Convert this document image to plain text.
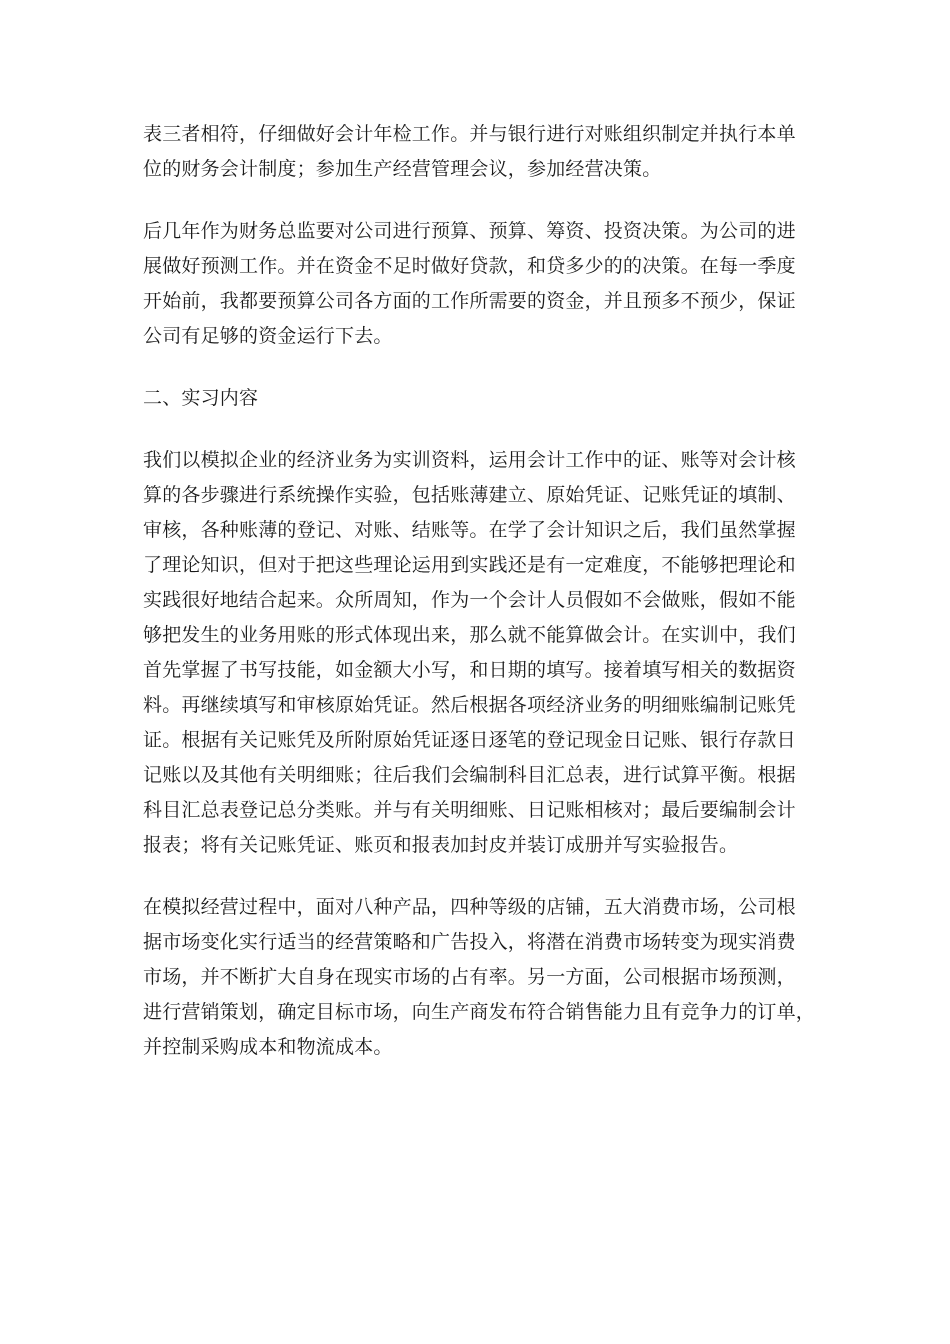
表三者相符，仔细做好会计年检工作。并与银行进行对账组织制定并执行本单
位的财务会计制度；参加生产经营管理会议，参加经营决策。
后几年作为财务总监要对公司进行预算、预算、筹资、投资决策。为公司的进
展做好预测工作。并在资金不足时做好贷款，和贷多少的的决策。在每一季度
开始前，我都要预算公司各方面的工作所需要的资金，并且预多不预少，保证
公司有足够的资金运行下去。
二、实习内容
我们以模拟企业的经济业务为实训资料，运用会计工作中的证、账等对会计核
算的各步骤进行系统操作实验，包括账薄建立、原始凭证、记账凭证的填制、
审核，各种账薄的登记、对账、结账等。在学了会计知识之后，我们虽然掌握
了理论知识，但对于把这些理论运用到实践还是有一定难度，不能够把理论和
实践很好地结合起来。众所周知，作为一个会计人员假如不会做账，假如不能
够把发生的业务用账的形式体现出来，那么就不能算做会计。在实训中，我们
首先掌握了书写技能，如金额大小写，和日期的填写。接着填写相关的数据资
料。再继续填写和审核原始凭证。然后根据各项经济业务的明细账编制记账凭
证。根据有关记账凭及所附原始凭证逐日逐笔的登记现金日记账、银行存款日
记账以及其他有关明细账；往后我们会编制科目汇总表，进行试算平衡。根据
科目汇总表登记总分类账。并与有关明细账、日记账相核对；最后要编制会计
报表；将有关记账凭证、账页和报表加封皮并装订成册并写实验报告。
在模拟经营过程中，面对八种产品，四种等级的店铺，五大消费市场，公司根
据市场变化实行适当的经营策略和广告投入，将潜在消费市场转变为现实消费
市场，并不断扩大自身在现实市场的占有率。另一方面，公司根据市场预测，
进行营销策划，确定目标市场，向生产商发布符合销售能力且有竞争力的订单，
并控制采购成本和物流成本。
